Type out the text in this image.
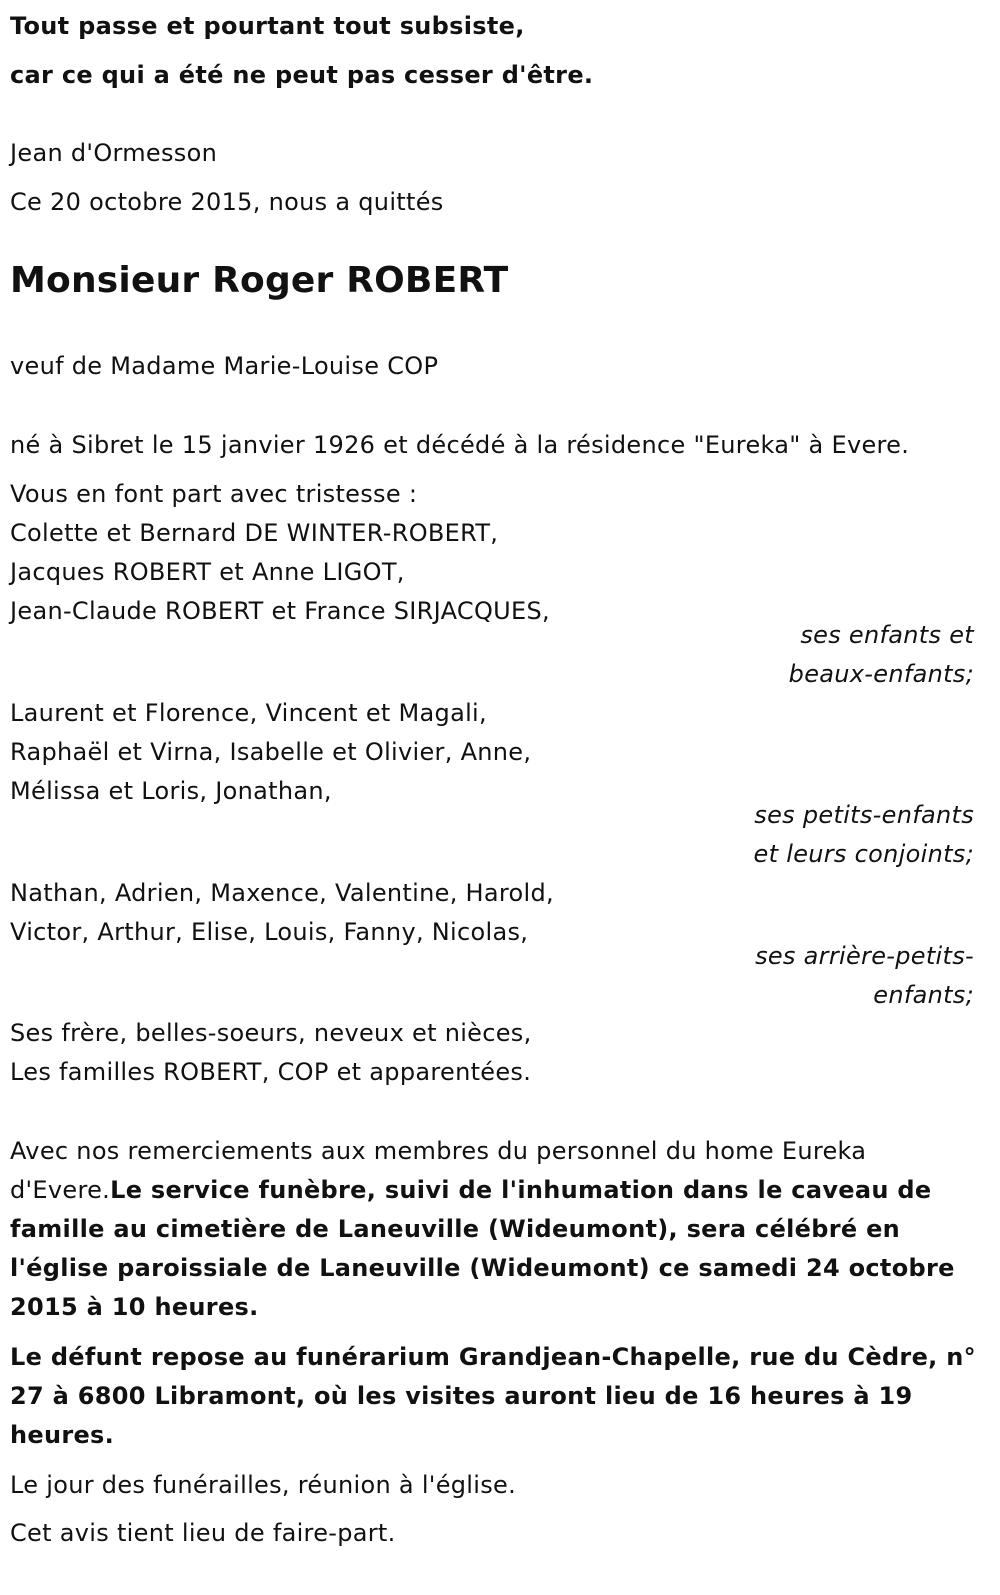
Tout passe et pourtant tout subsiste,
car ce qui a été ne peut pas cesser d'être.
Jean d'Ormesson
Ce 20 octobre 2015, nous a quittés
Monsieur Roger ROBERT
veuf de Madame Marie-Louise COP
né à Sibret le 15 janvier 1926 et décédé à la résidence "Eureka" à Evere.
Vous en font part avec tristesse :
Colette et Bernard DE WINTER-ROBERT,
Jacques ROBERT et Anne LIGOT,
Jean-Claude ROBERT et France SIRJACQUES,
ses enfants et
beaux-enfants;
Laurent et Florence, Vincent et Magali,
Raphaël et Virna, Isabelle et Olivier, Anne,
Mélissa et Loris, Jonathan,
ses petits-enfants
et leurs conjoints;
Nathan, Adrien, Maxence, Valentine, Harold,
Victor, Arthur, Elise, Louis, Fanny, Nicolas,
ses arrière-petits-
enfants;
Ses frère, belles-soeurs, neveux et nièces,
Les familles ROBERT, COP et apparentées.
Avec nos remerciements aux membres du personnel du home Eureka
d'Evere.Le service funèbre, suivi de l'inhumation dans le caveau de
famille au cimetière de Laneuville (Wideumont), sera célébré en
l'église paroissiale de Laneuville (Wideumont) ce samedi 24 octobre
2015 à 10 heures.
Le défunt repose au funérarium Grandjean-Chapelle, rue du Cèdre, n°
27 à 6800 Libramont, où les visites auront lieu de 16 heures à 19
heures.
Le jour des funérailles, réunion à l'église.
Cet avis tient lieu de faire-part.
